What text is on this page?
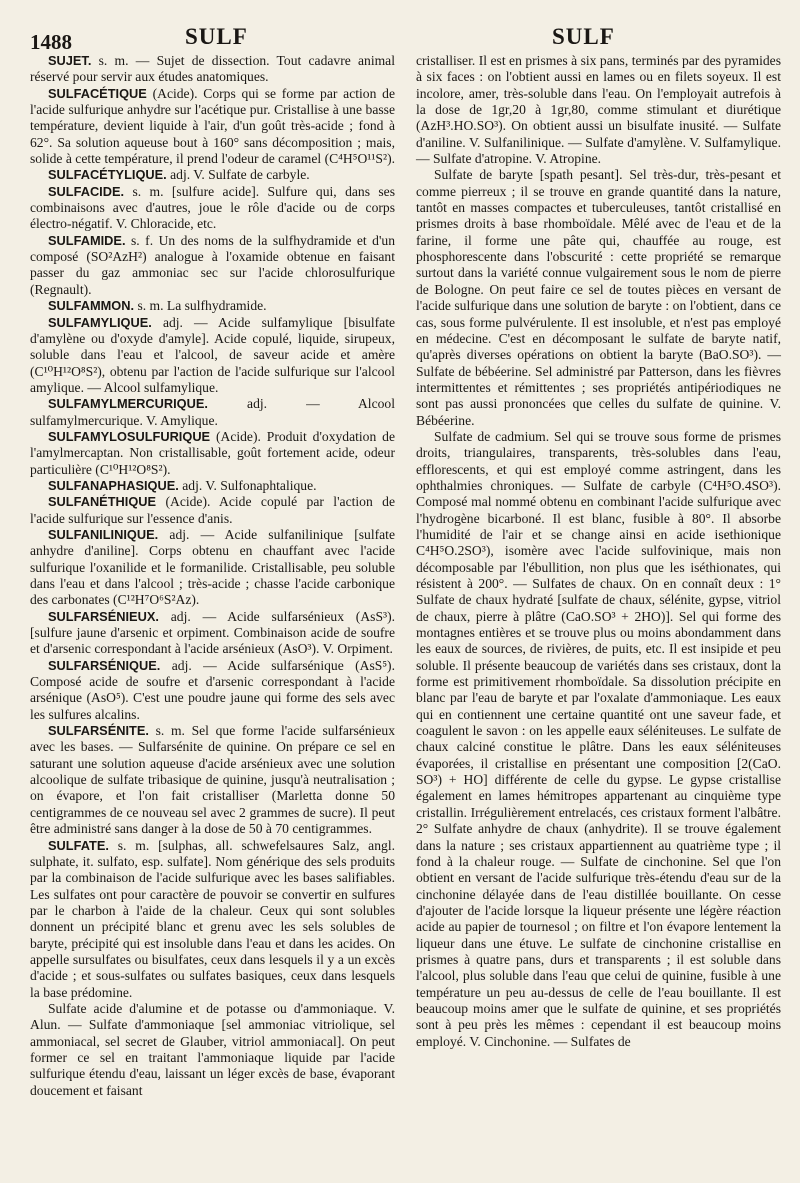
1488	SULF	SULF

SUJET. s. m. — Sujet de dissection. Tout cadavre animal réservé pour servir aux études anatomiques.

SULFACÉTIQUE (Acide). Corps qui se forme par action de l'acide sulfurique anhydre sur l'acétique pur. Cristallise à une basse température, devient liquide à l'air, d'un goût très-acide ; fond à 62°. Sa solution aqueuse bout à 160° sans décomposition ; mais, solide à cette température, il prend l'odeur de caramel (C⁴H⁵O¹¹S²).

SULFACÉTYLIQUE. adj. V. Sulfate de carbyle.

SULFACIDE. s. m. [sulfure acide]. Sulfure qui, dans ses combinaisons avec d'autres, joue le rôle d'acide ou de corps électro-négatif. V. Chloracide, etc.

SULFAMIDE. s. f. Un des noms de la sulfhydramide et d'un composé (SO²AzH²) analogue à l'oxamide obtenue en faisant passer du gaz ammoniac sec sur l'acide chlorosulfurique (Regnault).

SULFAMMON. s. m. La sulfhydramide.

SULFAMYLIQUE. adj. — Acide sulfamylique [bisulfate d'amylène ou d'oxyde d'amyle]. Acide copulé, liquide, sirupeux, soluble dans l'eau et l'alcool, de saveur acide et amère (C¹⁰H¹²O⁸S²), obtenu par l'action de l'acide sulfurique sur l'alcool amylique. — Alcool sulfamylique.

SULFAMYLMERCURIQUE.	adj. — Alcool sulfamylmercurique. V. Amylique.

SULFAMYLOSULFURIQUE (Acide). Produit d'oxydation de l'amylmercaptan. Non cristallisable, goût fortement acide, odeur particulière (C¹⁰H¹²O⁸S²).

SULFANAPHASIQUE. adj. V. Sulfonaphtalique.

SULFANÉTHIQUE (Acide). Acide copulé par l'action de l'acide sulfurique sur l'essence d'anis.

SULFANILINIQUE. adj. — Acide sulfanilinique [sulfate anhydre d'aniline]. Corps obtenu en chauffant avec l'acide sulfurique l'oxanilide et le formanilide. Cristallisable, peu soluble dans l'eau et dans l'alcool ; très-acide ; chasse l'acide carbonique des carbonates (C¹²H⁷O⁶S²Az).

SULFARSÉNIEUX. adj. — Acide sulfarsénieux (AsS³). [sulfure jaune d'arsenic et orpiment. Combinaison acide de soufre et d'arsenic correspondant à l'acide arsénieux (AsO³). V. Orpiment.

SULFARSÉNIQUE. adj. — Acide sulfarsénique (AsS⁵). Composé acide de soufre et d'arsenic correspondant à l'acide arsénique (AsO⁵). C'est une poudre jaune qui forme des sels avec les sulfures alcalins.

SULFARSÉNITE. s. m. Sel que forme l'acide sulfarsénieux avec les bases. — Sulfarsénite de quinine. On prépare ce sel en saturant une solution aqueuse d'acide arsénieux avec une solution alcoolique de sulfate tribasique de quinine, jusqu'à neutralisation ; on évapore, et l'on fait cristalliser (Marletta donne 50 centigrammes de ce nouveau sel avec 2 grammes de sucre). Il peut être administré sans danger à la dose de 50 à 70 centigrammes.

SULFATE. s. m. [sulphas, all. schwefelsaures Salz, angl. sulphate, it. sulfato, esp. sulfate]. Nom générique des sels produits par la combinaison de l'acide sulfurique avec les bases salifiables. Les sulfates ont pour caractère de pouvoir se convertir en sulfures par le charbon à l'aide de la chaleur. Ceux qui sont solubles donnent un précipité blanc et grenu avec les sels solubles de baryte, précipité qui est insoluble dans l'eau et dans les acides. On appelle sursulfates ou bisulfates, ceux dans lesquels il y a un excès d'acide ; et sous-sulfates ou sulfates basiques, ceux dans lesquels la base prédomine.

Sulfate acide d'alumine et de potasse ou d'ammoniaque. V. Alun. — Sulfate d'ammoniaque [sel ammoniac vitriolique, sel ammoniacal, sel secret de Glauber, vitriol ammoniacal]. On peut former ce sel en traitant l'ammoniaque liquide par l'acide sulfurique étendu d'eau, laissant un léger excès de base, évaporant doucement et faisant

cristalliser. Il est en prismes à six pans, terminés par des pyramides à six faces : on l'obtient aussi en lames ou en filets soyeux. Il est incolore, amer, très-soluble dans l'eau. On l'employait autrefois à la dose de 1gr,20 à 1gr,80, comme stimulant et diurétique (AzH³.HO.SO³). On obtient aussi un bisulfate inusité. — Sulfate d'aniline. V. Sulfanilinique. — Sulfate d'amylène. V. Sulfamylique. — Sulfate d'atropine. V. Atropine.

Sulfate de baryte [spath pesant]. Sel très-dur, très-pesant et comme pierreux ; il se trouve en grande quantité dans la nature, tantôt en masses compactes et tuberculeuses, tantôt cristallisé en prismes droits à base rhomboïdale. Mêlé avec de l'eau et de la farine, il forme une pâte qui, chauffée au rouge, est phosphorescente dans l'obscurité : cette propriété se remarque surtout dans la variété connue vulgairement sous le nom de pierre de Bologne. On peut faire ce sel de toutes pièces en versant de l'acide sulfurique dans une solution de baryte : on l'obtient, dans ce cas, sous forme pulvérulente. Il est insoluble, et n'est pas employé en médecine. C'est en décomposant le sulfate de baryte natif, qu'après diverses opérations on obtient la baryte (BaO.SO³). — Sulfate de bébéerine. Sel administré par Patterson, dans les fièvres intermittentes et rémittentes ; ses propriétés antipériodiques ne sont pas aussi prononcées que celles du sulfate de quinine. V. Bébéerine.

Sulfate de cadmium. Sel qui se trouve sous forme de prismes droits, triangulaires, transparents, très-solubles dans l'eau, efflorescents, et qui est employé comme astringent, dans les ophthalmies chroniques. — Sulfate de carbyle (C⁴H⁵O.4SO³). Composé mal nommé obtenu en combinant l'acide sulfurique avec l'hydrogène bicarboné. Il est blanc, fusible à 80°. Il absorbe l'humidité de l'air et se change ainsi en acide isethionique C⁴H⁵O.2SO³), isomère avec l'acide sulfovinique, mais non décomposable par l'ébullition, non plus que les iséthionates, qui résistent à 200°. — Sulfates de chaux. On en connaît deux : 1° Sulfate de chaux hydraté [sulfate de chaux, sélénite, gypse, vitriol de chaux, pierre à plâtre (CaO.SO³ + 2HO)]. Sel qui forme des montagnes entières et se trouve plus ou moins abondamment dans les eaux de sources, de rivières, de puits, etc. Il est insipide et peu soluble. Il présente beaucoup de variétés dans ses cristaux, dont la forme est primitivement rhomboïdale. Sa dissolution précipite en blanc par l'eau de baryte et par l'oxalate d'ammoniaque. Les eaux qui en contiennent une certaine quantité ont une saveur fade, et coagulent le savon : on les appelle eaux séléniteuses. Le sulfate de chaux calciné constitue le plâtre. Dans les eaux séléniteuses évaporées, il cristallise en présentant une composition [2(CaO. SO³) + HO] différente de celle du gypse. Le gypse cristallise également en lames hémitropes appartenant au cinquième type cristallin. Irrégulièrement entrelacés, ces cristaux forment l'albâtre. 2° Sulfate anhydre de chaux (anhydrite). Il se trouve également dans la nature ; ses cristaux appartiennent au quatrième type ; il fond à la chaleur rouge. — Sulfate de cinchonine. Sel que l'on obtient en versant de l'acide sulfurique très-étendu d'eau sur de la cinchonine délayée dans de l'eau distillée bouillante. On cesse d'ajouter de l'acide lorsque la liqueur présente une légère réaction acide au papier de tournesol ; on filtre et l'on évapore lentement la liqueur dans une étuve. Le sulfate de cinchonine cristallise en prismes à quatre pans, durs et transparents ; il est soluble dans l'alcool, plus soluble dans l'eau que celui de quinine, fusible à une température un peu au-dessus de celle de l'eau bouillante. Il est beaucoup moins amer que le sulfate de quinine, et ses propriétés sont à peu près les mêmes : cependant il est beaucoup moins employé. V. Cinchonine. — Sulfates de
